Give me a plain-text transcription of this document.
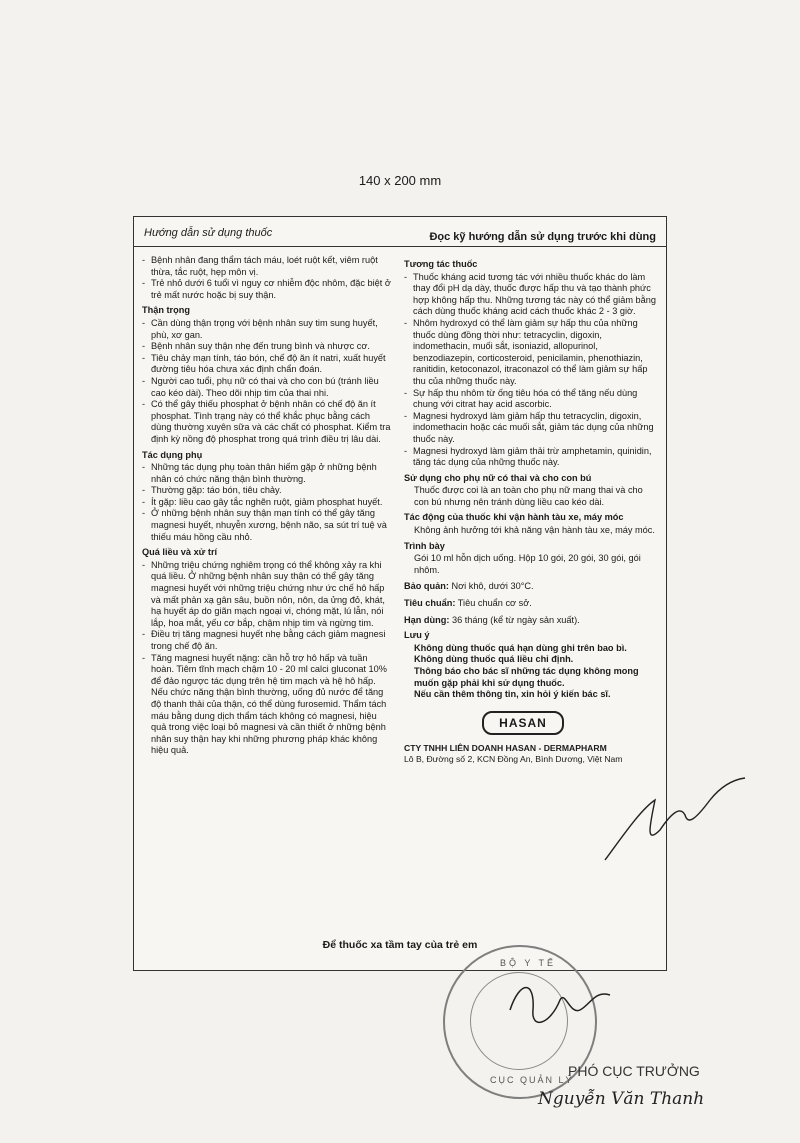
140 x 200 mm
Hướng dẫn sử dụng thuốc	Đọc kỹ hướng dẫn sử dụng trước khi dùng
- Bệnh nhân đang thẩm tách máu, loét ruột kết, viêm ruột thừa, tắc ruột, hẹp môn vị.
- Trẻ nhỏ dưới 6 tuổi vì nguy cơ nhiễm độc nhôm, đặc biệt ở trẻ mất nước hoặc bị suy thận.
Thận trọng
- Cần dùng thận trọng với bệnh nhân suy tim sung huyết, phù, xơ gan.
- Bệnh nhân suy thận nhẹ đến trung bình và nhược cơ.
- Tiêu chảy mạn tính, táo bón, chế độ ăn ít natri, xuất huyết đường tiêu hóa chưa xác định chẩn đoán.
- Người cao tuổi, phụ nữ có thai và cho con bú (tránh liều cao kéo dài). Theo dõi nhịp tim của thai nhi.
- Có thể gây thiếu phosphat ở bệnh nhân có chế độ ăn ít phosphat. Tình trạng này có thể khắc phục bằng cách dùng thường xuyên sữa và các chất có phosphat. Kiểm tra định kỳ nồng độ phosphat trong quá trình điều trị lâu dài.
Tác dụng phụ
- Những tác dụng phụ toàn thân hiếm gặp ở những bệnh nhân có chức năng thận bình thường.
- Thường gặp: táo bón, tiêu chảy.
- Ít gặp: liều cao gây tắc nghẽn ruột, giảm phosphat huyết.
- Ở những bệnh nhân suy thận mạn tính có thể gây tăng magnesi huyết, nhuyễn xương, bệnh não, sa sút trí tuệ và thiếu máu hồng cầu nhỏ.
Quá liều và xử trí
- Những triệu chứng nghiêm trọng có thể không xảy ra khi quá liều. Ở những bệnh nhân suy thận có thể gây tăng magnesi huyết với những triệu chứng như ức chế hô hấp và mất phản xạ gân sâu, buồn nôn, nôn, da ửng đỏ, khát, hạ huyết áp do giãn mạch ngoại vi, chóng mặt, lú lẫn, nói lắp, hoa mắt, yếu cơ bắp, chậm nhịp tim và ngừng tim.
- Điều trị tăng magnesi huyết nhẹ bằng cách giảm magnesi trong chế độ ăn.
- Tăng magnesi huyết nặng: cần hỗ trợ hô hấp và tuần hoàn. Tiêm tĩnh mạch chậm 10 - 20 ml calci gluconat 10% để đảo ngược tác dụng trên hệ tim mạch và hệ hô hấp. Nếu chức năng thận bình thường, uống đủ nước để tăng độ thanh thải của thận, có thể dùng furosemid. Thẩm tách máu bằng dung dịch thẩm tách không có magnesi, hiệu quả trong việc loại bỏ magnesi và cần thiết ở những bệnh nhân suy thận hay khi những phương pháp khác không hiệu quả.
Tương tác thuốc
- Thuốc kháng acid tương tác với nhiều thuốc khác do làm thay đổi pH dạ dày, thuốc được hấp thu và tạo thành phức hợp không hấp thu. Những tương tác này có thể giảm bằng cách dùng thuốc kháng acid cách thuốc khác 2 - 3 giờ.
- Nhôm hydroxyd có thể làm giảm sự hấp thu của những thuốc dùng đồng thời như: tetracyclin, digoxin, indomethacin, muối sắt, isoniazid, allopurinol, benzodiazepin, corticosteroid, penicilamin, phenothiazin, ranitidin, ketoconazol, itraconazol có thể làm giảm sự hấp thu của những thuốc này.
- Sự hấp thu nhôm từ ống tiêu hóa có thể tăng nếu dùng chung với citrat hay acid ascorbic.
- Magnesi hydroxyd làm giảm hấp thu tetracyclin, digoxin, indomethacin hoặc các muối sắt, giảm tác dụng của những thuốc này.
- Magnesi hydroxyd làm giảm thải trừ amphetamin, quinidin, tăng tác dụng của những thuốc này.
Sử dụng cho phụ nữ có thai và cho con bú
Thuốc được coi là an toàn cho phụ nữ mang thai và cho con bú nhưng nên tránh dùng liều cao kéo dài.
Tác động của thuốc khi vận hành tàu xe, máy móc
Không ảnh hưởng tới khả năng vận hành tàu xe, máy móc.
Trình bày
Gói 10 ml hỗn dịch uống. Hộp 10 gói, 20 gói, 30 gói, gói nhôm.
Bảo quản: Nơi khô, dưới 30°C.
Tiêu chuẩn: Tiêu chuẩn cơ sở.
Hạn dùng: 36 tháng (kể từ ngày sản xuất).
Lưu ý
Không dùng thuốc quá hạn dùng ghi trên bao bì.
Không dùng thuốc quá liều chỉ định.
Thông báo cho bác sĩ những tác dụng không mong muốn gặp phải khi sử dụng thuốc.
Nếu cần thêm thông tin, xin hỏi ý kiến bác sĩ.
HASAN
CTY TNHH LIÊN DOANH HASAN - DERMAPHARM
Lô B, Đường số 2, KCN Đồng An, Bình Dương, Việt Nam
Để thuốc xa tầm tay của trẻ em
BỘ Y TẾ
CỤC QUẢN LÝ
PHÓ CỤC TRƯỞNG
Nguyễn Văn Thanh
